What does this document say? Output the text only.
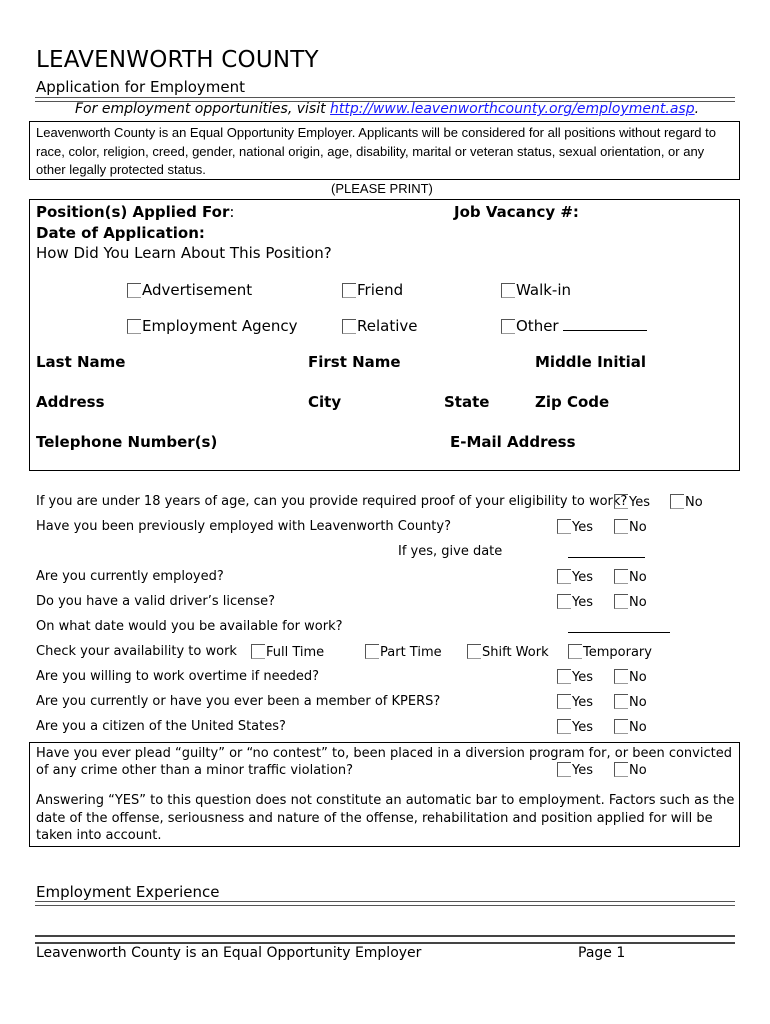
LEAVENWORTH COUNTY
Application for Employment
For employment opportunities, visit http://www.leavenworthcounty.org/employment.asp.
Leavenworth County is an Equal Opportunity Employer. Applicants will be considered for all positions without regard to race, color, religion, creed, gender, national origin, age, disability, marital or veteran status, sexual orientation, or any other legally protected status.
(PLEASE PRINT)
Position(s) Applied For:	Job Vacancy #:
Date of Application:
How Did You Learn About This Position?
Advertisement	Friend	Walk-in
Employment Agency	Relative	Other
Last Name	First Name	Middle Initial
Address	City	State	Zip Code
Telephone Number(s)	E-Mail Address
If you are under 18 years of age, can you provide required proof of your eligibility to work? Yes	No
Have you been previously employed with Leavenworth County?	Yes	No
If yes, give date
Are you currently employed?	Yes	No
Do you have a valid driver’s license?	Yes	No
On what date would you be available for work?
Check your availability to work	Full Time	Part Time	Shift Work	Temporary
Are you willing to work overtime if needed?	Yes	No
Are you currently or have you ever been a member of KPERS?	Yes	No
Are you a citizen of the United States?	Yes	No
Have you ever plead “guilty” or “no contest” to, been placed in a diversion program for, or been convicted of any crime other than a minor traffic violation?	Yes	No
Answering “YES” to this question does not constitute an automatic bar to employment. Factors such as the date of the offense, seriousness and nature of the offense, rehabilitation and position applied for will be taken into account.
Employment Experience
Leavenworth County is an Equal Opportunity Employer	Page 1
